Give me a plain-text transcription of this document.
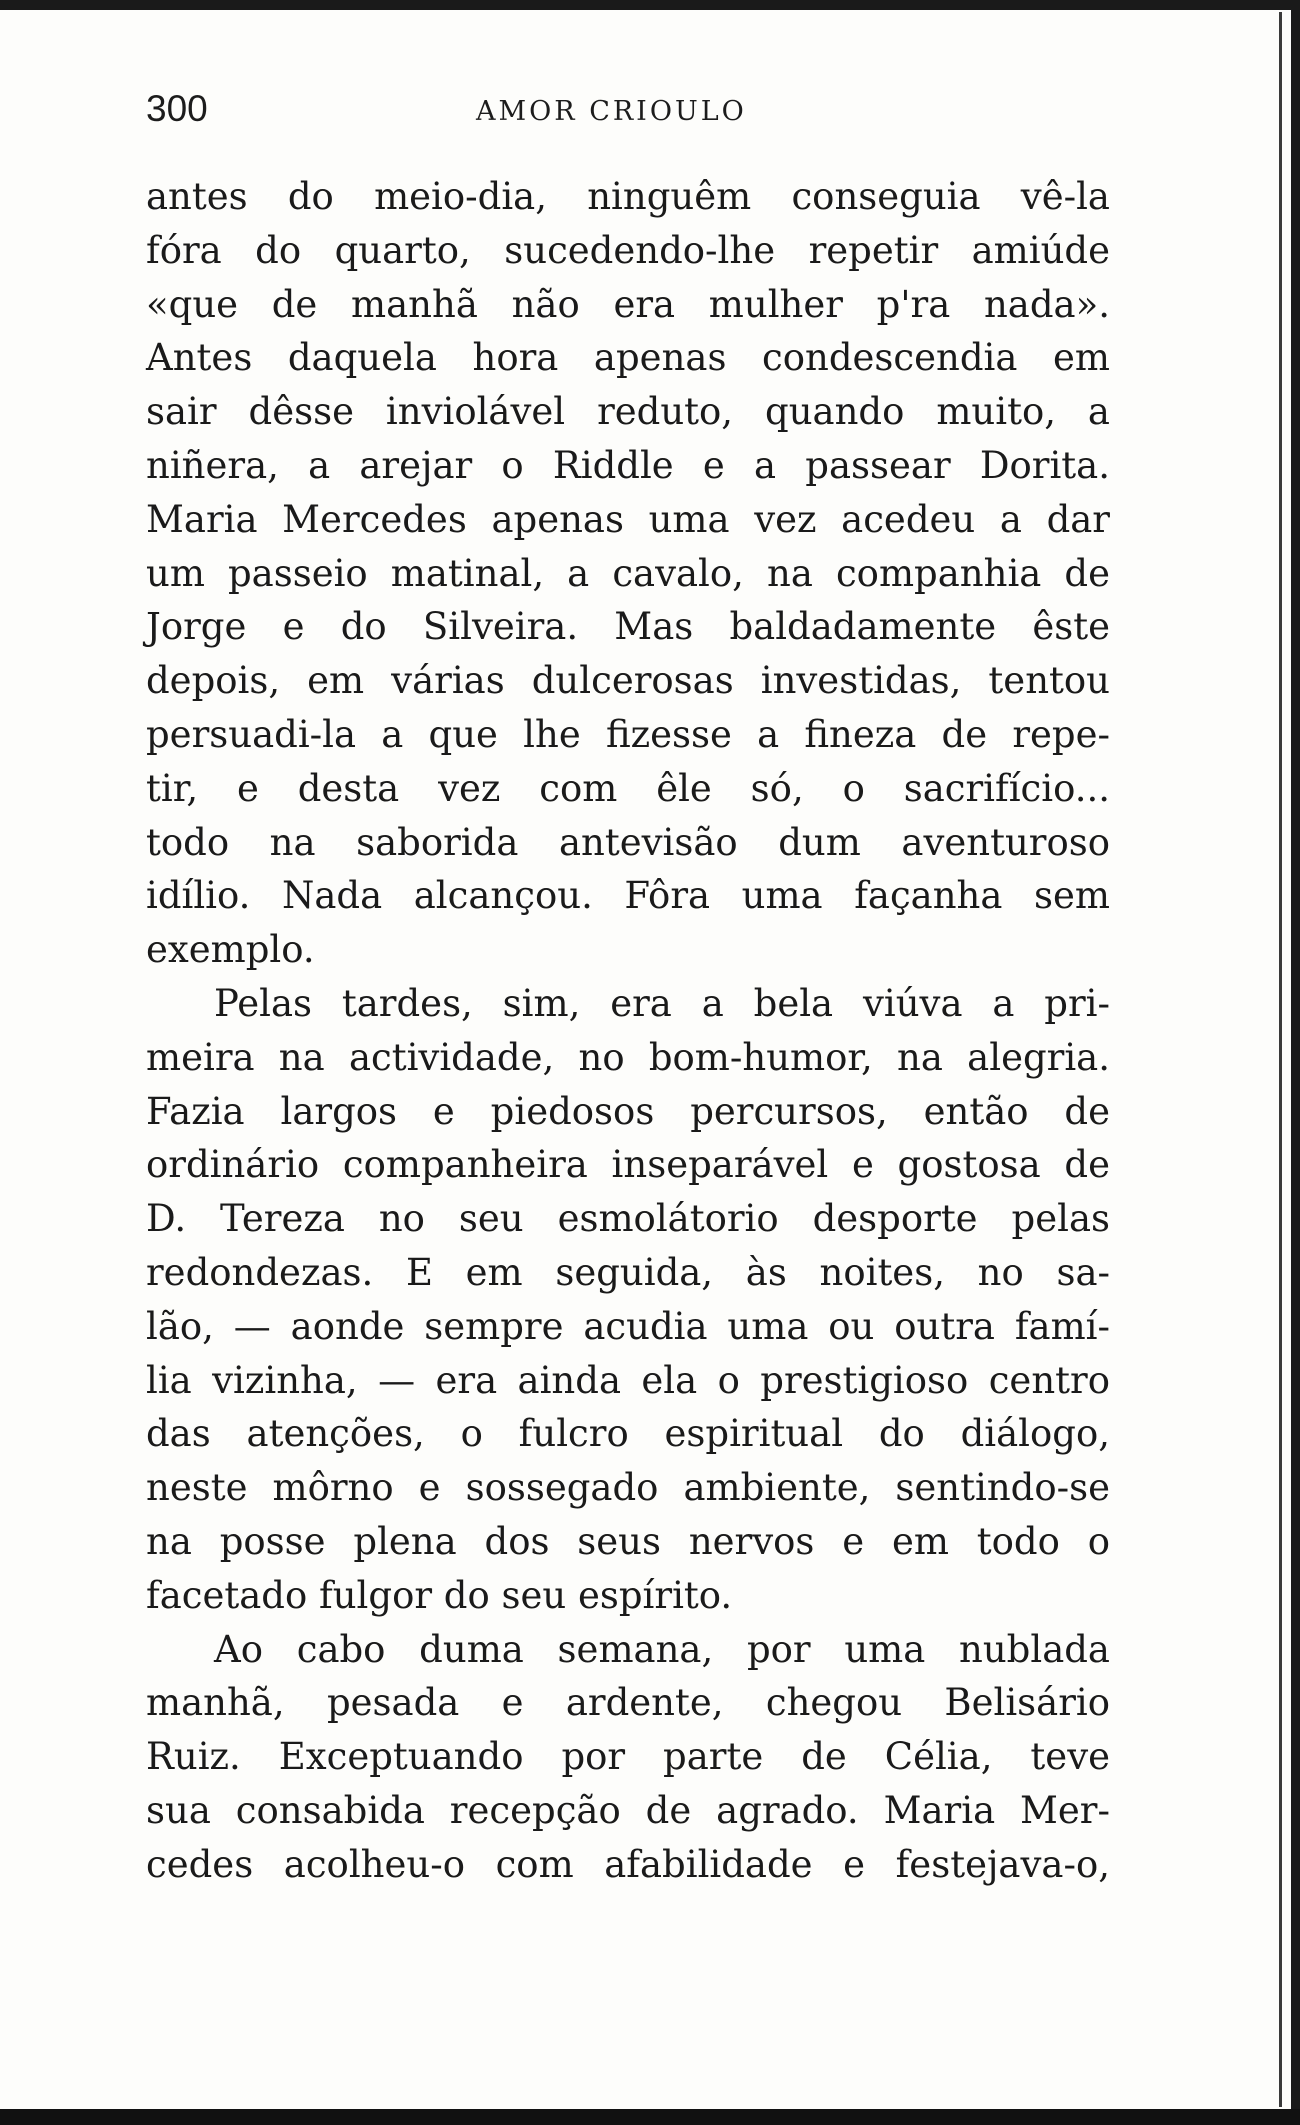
300	AMOR CRIOULO
antes do meio-dia, ninguêm conseguia vê-la
fóra do quarto, sucedendo-lhe repetir amiúde
«que de manhã não era mulher p'ra nada».
Antes daquela hora apenas condescendia em
sair dêsse inviolável reduto, quando muito, a
niñera, a arejar o Riddle e a passear Dorita.
Maria Mercedes apenas uma vez acedeu a dar
um passeio matinal, a cavalo, na companhia de
Jorge e do Silveira. Mas baldadamente êste
depois, em várias dulcerosas investidas, tentou
persuadi-la a que lhe fizesse a fineza de repe-
tir, e desta vez com êle só, o sacrifício...
todo na saborida antevisão dum aventuroso
idílio. Nada alcançou. Fôra uma façanha sem
exemplo.
Pelas tardes, sim, era a bela viúva a pri-
meira na actividade, no bom-humor, na alegria.
Fazia largos e piedosos percursos, então de
ordinário companheira inseparável e gostosa de
D. Tereza no seu esmolátorio desporte pelas
redondezas. E em seguida, às noites, no sa-
lão, — aonde sempre acudia uma ou outra famí-
lia vizinha, — era ainda ela o prestigioso centro
das atenções, o fulcro espiritual do diálogo,
neste môrno e sossegado ambiente, sentindo-se
na posse plena dos seus nervos e em todo o
facetado fulgor do seu espírito.
Ao cabo duma semana, por uma nublada
manhã, pesada e ardente, chegou Belisário
Ruiz. Exceptuando por parte de Célia, teve
sua consabida recepção de agrado. Maria Mer-
cedes acolheu-o com afabilidade e festejava-o,
